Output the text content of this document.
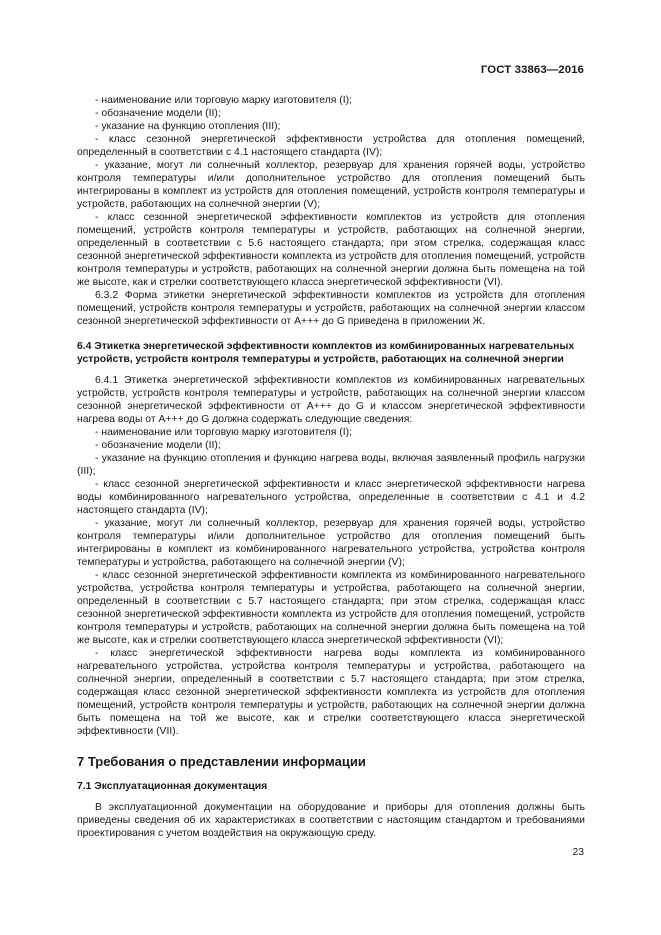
ГОСТ 33863—2016

- наименование или торговую марку изготовителя (I);

- обозначение модели (II);

- указание на функцию отопления (III);

- класс сезонной энергетической эффективности устройства для отопления помещений, определенный в соответствии с 4.1 настоящего стандарта (IV);

- указание, могут ли солнечный коллектор, резервуар для хранения горячей воды, устройство контроля температуры и/или дополнительное устройство для отопления помещений быть интегрированы в комплект из устройств для отопления помещений, устройств контроля температуры и устройств, работающих на солнечной энергии (V);

- класс сезонной энергетической эффективности комплектов из устройств для отопления помещений, устройств контроля температуры и устройств, работающих на солнечной энергии, определенный в соответствии с 5.6 настоящего стандарта; при этом стрелка, содержащая класс сезонной энергетической эффективности комплекта из устройств для отопления помещений, устройств контроля температуры и устройств, работающих на солнечной энергии должна быть помещена на той же высоте, как и стрелки соответствующего класса энергетической эффективности (VI).

6.3.2 Форма этикетки энергетической эффективности комплектов из устройств для отопления помещений, устройств контроля температуры и устройств, работающих на солнечной энергии классом сезонной энергетической эффективности от А+++ до G приведена в приложении Ж.

6.4 Этикетка энергетической эффективности комплектов из комбинированных нагревательных устройств, устройств контроля температуры и устройств, работающих на солнечной энергии

6.4.1 Этикетка энергетической эффективности комплектов из комбинированных нагревательных устройств, устройств контроля температуры и устройств, работающих на солнечной энергии классом сезонной энергетической эффективности от А+++ до G и классом энергетической эффективности нагрева воды от А+++ до G должна содержать следующие сведения:

- наименование или торговую марку изготовителя (I);

- обозначение модели (II);

- указание на функцию отопления и функцию нагрева воды, включая заявленный профиль нагрузки (III);

- класс сезонной энергетической эффективности и класс энергетической эффективности нагрева воды комбинированного нагревательного устройства, определенные в соответствии с 4.1 и 4.2 настоящего стандарта (IV);

- указание, могут ли солнечный коллектор, резервуар для хранения горячей воды, устройство контроля температуры и/или дополнительное устройство для отопления помещений быть интегрированы в комплект из комбинированного нагревательного устройства, устройства контроля температуры и устройства, работающего на солнечной энергии (V);

- класс сезонной энергетической эффективности комплекта из комбинированного нагревательного устройства, устройства контроля температуры и устройства, работающего на солнечной энергии, определенный в соответствии с 5.7 настоящего стандарта; при этом стрелка, содержащая класс сезонной энергетической эффективности комплекта из устройств для отопления помещений, устройств контроля температуры и устройств, работающих на солнечной энергии должна быть помещена на той же высоте, как и стрелки соответствующего класса энергетической эффективности (VI);

- класс энергетической эффективности нагрева воды комплекта из комбинированного нагревательного устройства, устройства контроля температуры и устройства, работающего на солнечной энергии, определенный в соответствии с 5.7 настоящего стандарта; при этом стрелка, содержащая класс сезонной энергетической эффективности комплекта из устройств для отопления помещений, устройств контроля температуры и устройств, работающих на солнечной энергии должна быть помещена на той же высоте, как и стрелки соответствующего класса энергетической эффективности (VII).

7 Требования о представлении информации
7.1 Эксплуатационная документация

В эксплуатационной документации на оборудование и приборы для отопления должны быть приведены сведения об их характеристиках в соответствии с настоящим стандартом и требованиями проектирования с учетом воздействия на окружающую среду.

23
